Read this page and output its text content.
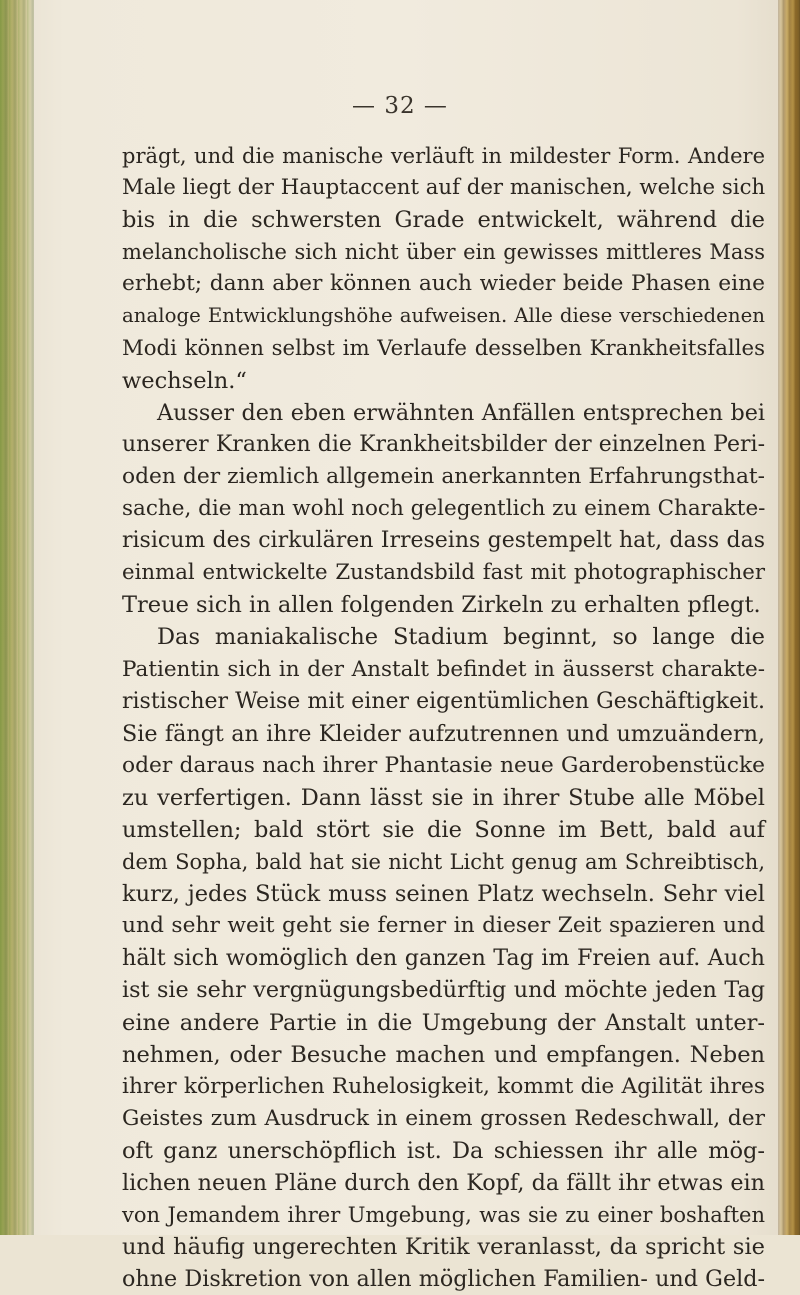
— 32 —
prägt, und die manische verläuft in mildester Form. Andere
Male liegt der Hauptaccent auf der manischen, welche sich
bis in die schwersten Grade entwickelt, während die
melancholische sich nicht über ein gewisses mittleres Mass
erhebt; dann aber können auch wieder beide Phasen eine
analoge Entwicklungshöhe aufweisen. Alle diese verschiedenen
Modi können selbst im Verlaufe desselben Krankheitsfalles
wechseln.“
Ausser den eben erwähnten Anfällen entsprechen bei
unserer Kranken die Krankheitsbilder der einzelnen Peri-
oden der ziemlich allgemein anerkannten Erfahrungsthat-
sache, die man wohl noch gelegentlich zu einem Charakte-
risicum des cirkulären Irreseins gestempelt hat, dass das
einmal entwickelte Zustandsbild fast mit photographischer
Treue sich in allen folgenden Zirkeln zu erhalten pflegt.
Das maniakalische Stadium beginnt, so lange die
Patientin sich in der Anstalt befindet in äusserst charakte-
ristischer Weise mit einer eigentümlichen Geschäftigkeit.
Sie fängt an ihre Kleider aufzutrennen und umzuändern,
oder daraus nach ihrer Phantasie neue Garderobenstücke
zu verfertigen. Dann lässt sie in ihrer Stube alle Möbel
umstellen; bald stört sie die Sonne im Bett, bald auf
dem Sopha, bald hat sie nicht Licht genug am Schreibtisch,
kurz, jedes Stück muss seinen Platz wechseln. Sehr viel
und sehr weit geht sie ferner in dieser Zeit spazieren und
hält sich womöglich den ganzen Tag im Freien auf. Auch
ist sie sehr vergnügungsbedürftig und möchte jeden Tag
eine andere Partie in die Umgebung der Anstalt unter-
nehmen, oder Besuche machen und empfangen. Neben
ihrer körperlichen Ruhelosigkeit, kommt die Agilität ihres
Geistes zum Ausdruck in einem grossen Redeschwall, der
oft ganz unerschöpflich ist. Da schiessen ihr alle mög-
lichen neuen Pläne durch den Kopf, da fällt ihr etwas ein
von Jemandem ihrer Umgebung, was sie zu einer boshaften
und häufig ungerechten Kritik veranlasst, da spricht sie
ohne Diskretion von allen möglichen Familien- und Geld-
